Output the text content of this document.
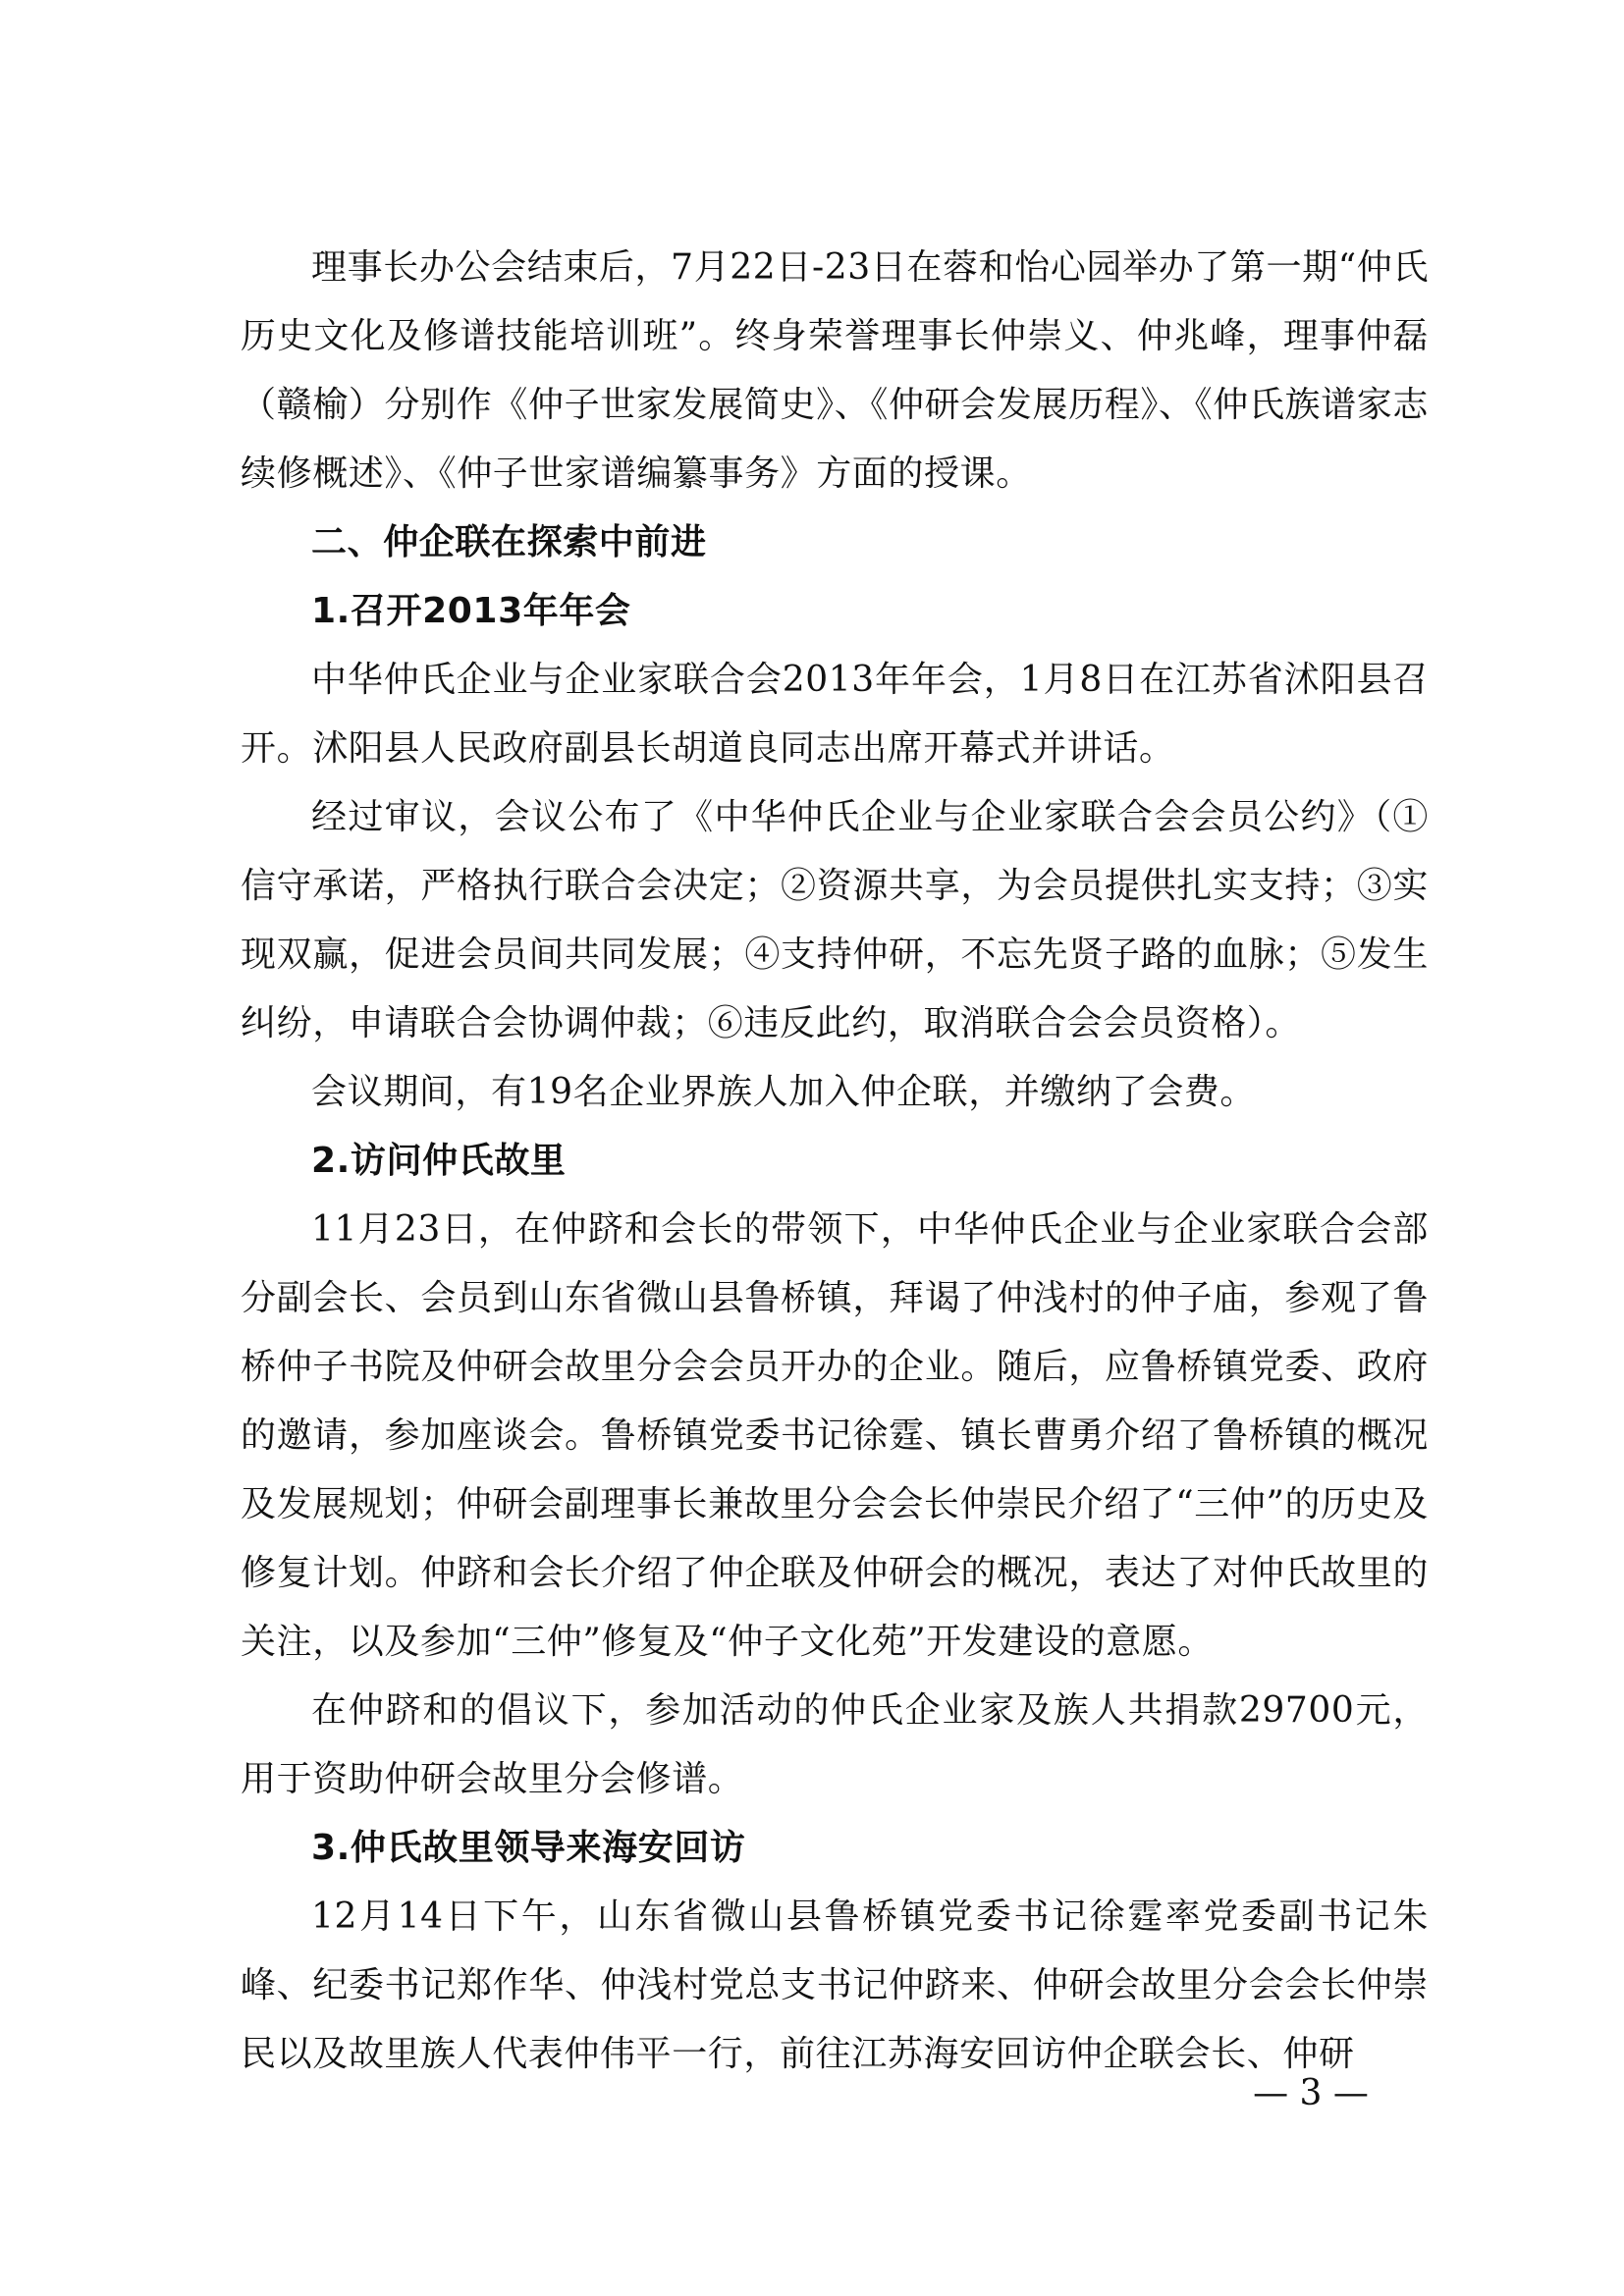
理事长办公会结束后，7月22日-23日在蓉和怡心园举办了第一期“仲氏历史文化及修谱技能培训班”。终身荣誉理事长仲崇义、仲兆峰，理事仲磊（赣榆）分别作《仲子世家发展简史》、《仲研会发展历程》、《仲氏族谱家志续修概述》、《仲子世家谱编纂事务》方面的授课。

二、仲企联在探索中前进

1.召开2013年年会

中华仲氏企业与企业家联合会2013年年会，1月8日在江苏省沭阳县召开。沭阳县人民政府副县长胡道良同志出席开幕式并讲话。

经过审议，会议公布了《中华仲氏企业与企业家联合会会员公约》（①信守承诺，严格执行联合会决定；②资源共享，为会员提供扎实支持；③实现双赢，促进会员间共同发展；④支持仲研，不忘先贤子路的血脉；⑤发生纠纷，申请联合会协调仲裁；⑥违反此约，取消联合会会员资格）。

会议期间，有19名企业界族人加入仲企联，并缴纳了会费。

2.访问仲氏故里

11月23日，在仲跻和会长的带领下，中华仲氏企业与企业家联合会部分副会长、会员到山东省微山县鲁桥镇，拜谒了仲浅村的仲子庙，参观了鲁桥仲子书院及仲研会故里分会会员开办的企业。随后，应鲁桥镇党委、政府的邀请，参加座谈会。鲁桥镇党委书记徐霆、镇长曹勇介绍了鲁桥镇的概况及发展规划；仲研会副理事长兼故里分会会长仲崇民介绍了“三仲”的历史及修复计划。仲跻和会长介绍了仲企联及仲研会的概况，表达了对仲氏故里的关注，以及参加“三仲”修复及“仲子文化苑”开发建设的意愿。

在仲跻和的倡议下，参加活动的仲氏企业家及族人共捐款29700元，用于资助仲研会故里分会修谱。

3.仲氏故里领导来海安回访

12月14日下午，山东省微山县鲁桥镇党委书记徐霆率党委副书记朱峰、纪委书记郑作华、仲浅村党总支书记仲跻来、仲研会故里分会会长仲崇民以及故里族人代表仲伟平一行，前往江苏海安回访仲企联会长、仲研

— 3 —
